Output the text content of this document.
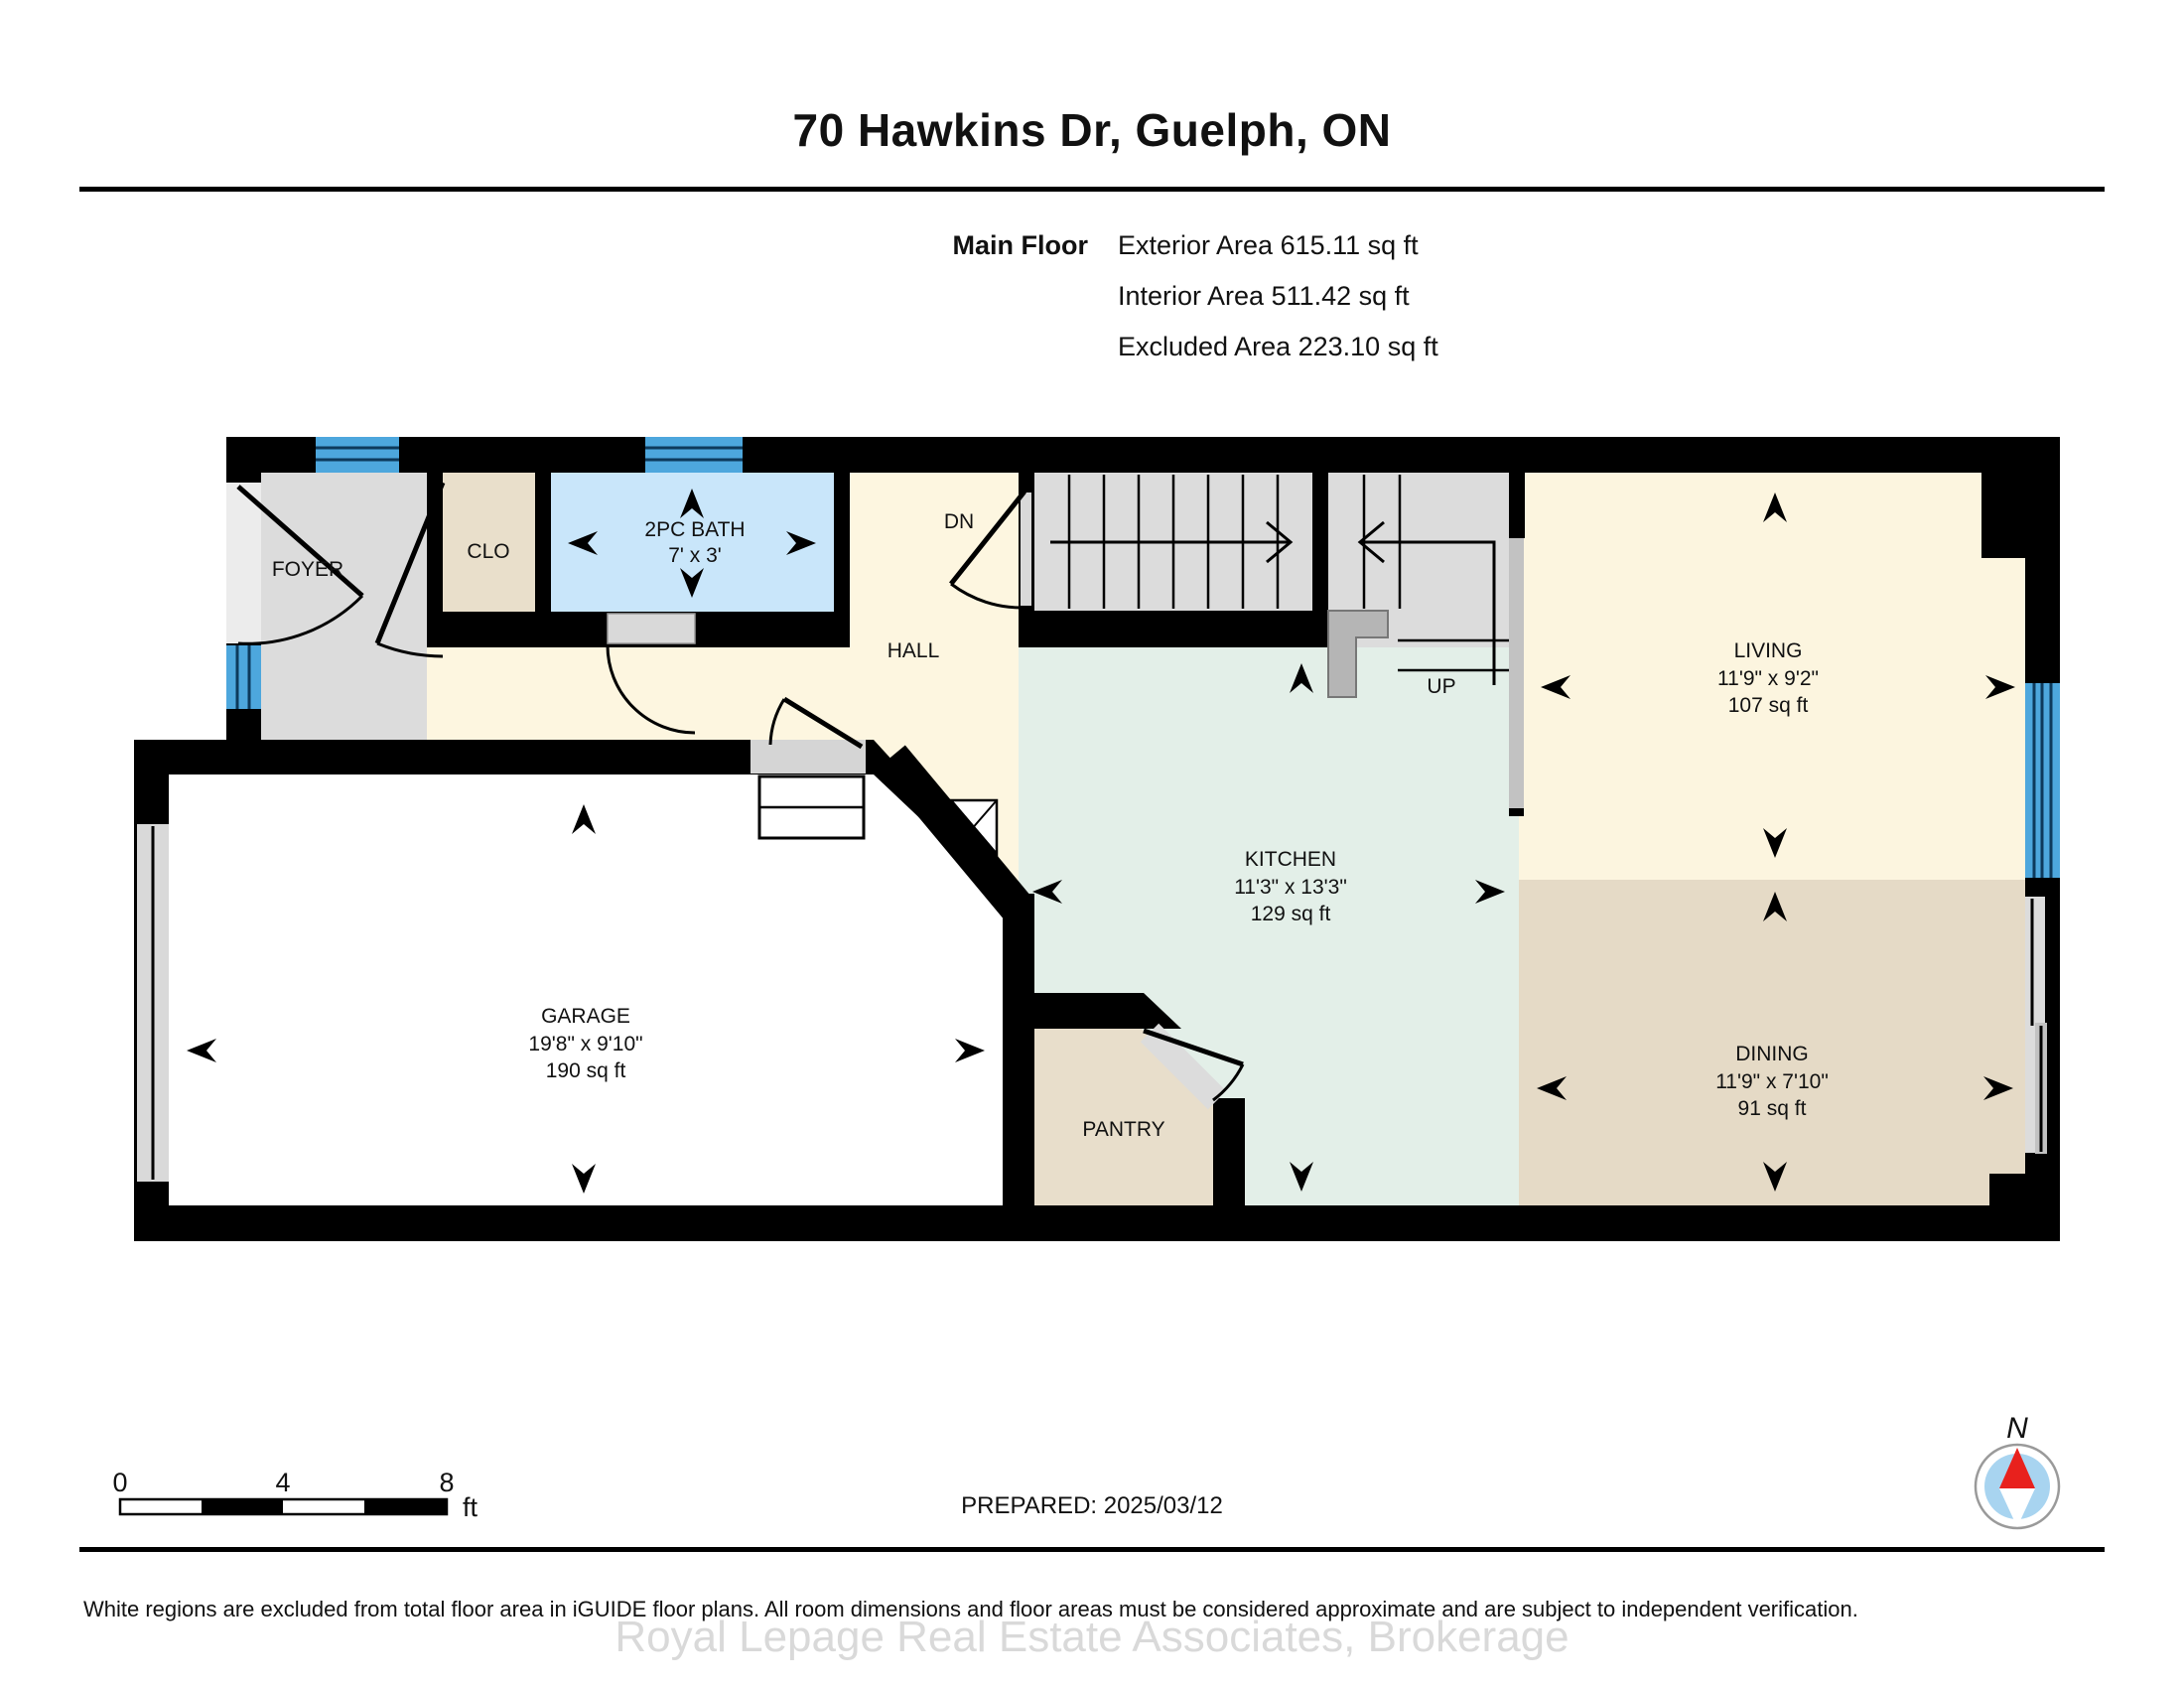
70 Hawkins Dr, Guelph, ON
Main Floor Exterior Area 615.11 sq ft
Interior Area 511.42 sq ft
Excluded Area 223.10 sq ft
FOYER
CLO
2PC BATH
7' x 3'
HALL
DN
UP
LIVING
11'9" x 9'2"
107 sq ft
KITCHEN
11'3" x 13'3"
129 sq ft
DINING
11'9" x 7'10"
91 sq ft
GARAGE
19'8" x 9'10"
190 sq ft
PANTRY
0	4	8
ft	PREPARED: 2025/03/12
N
White regions are excluded from total floor area in iGUIDE floor plans. All room dimensions and floor areas must be considered approximate and are subject to independent verification.
Royal Lepage Real Estate Associates, Brokerage
